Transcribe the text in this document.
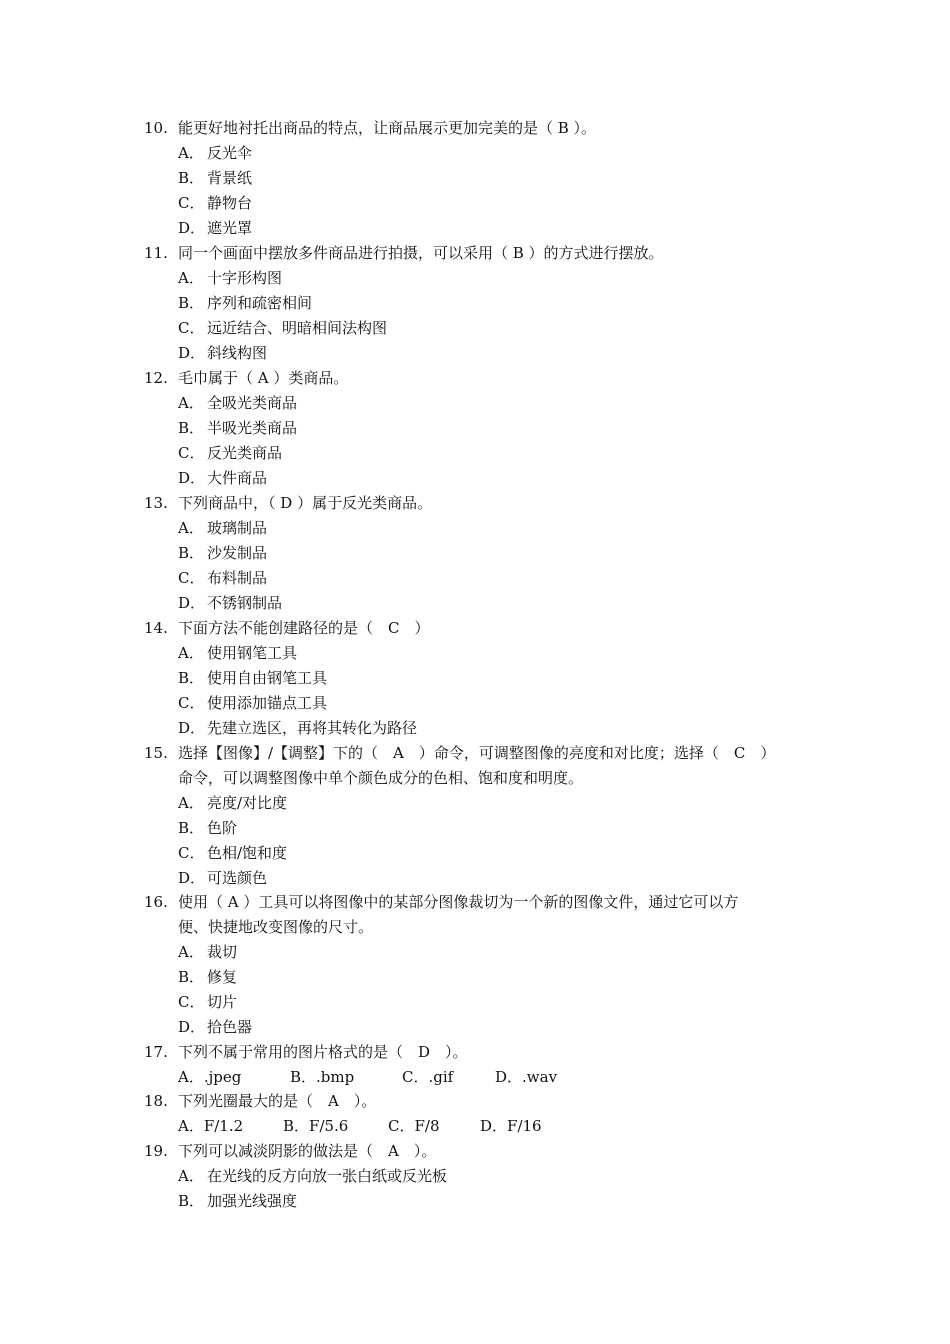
10. 能更好地衬托出商品的特点，让商品展示更加完美的是（ B ）。
A． 反光伞
B． 背景纸
C． 静物台
D． 遮光罩
11. 同一个画面中摆放多件商品进行拍摄，可以采用（ B ）的方式进行摆放。
A． 十字形构图
B． 序列和疏密相间
C． 远近结合、明暗相间法构图
D． 斜线构图
12. 毛巾属于（ A ）类商品。
A． 全吸光类商品
B． 半吸光类商品
C． 反光类商品
D． 大件商品
13. 下列商品中，（ D ）属于反光类商品。
A． 玻璃制品
B． 沙发制品
C． 布料制品
D． 不锈钢制品
14. 下面方法不能创建路径的是（　C　）
A． 使用钢笔工具
B． 使用自由钢笔工具
C． 使用添加锚点工具
D． 先建立选区，再将其转化为路径
15. 选择【图像】/【调整】下的（　A　）命令，可调整图像的亮度和对比度；选择（　C　）
命令，可以调整图像中单个颜色成分的色相、饱和度和明度。
A． 亮度/对比度
B． 色阶
C． 色相/饱和度
D． 可选颜色
16. 使用（ A ）工具可以将图像中的某部分图像裁切为一个新的图像文件，通过它可以方
便、快捷地改变图像的尺寸。
A． 裁切
B． 修复
C． 切片
D． 拾色器
17. 下列不属于常用的图片格式的是（　D　）。
A．.jpeg	B．.bmp	C．.gif	D．.wav
18. 下列光圈最大的是（　A　）。
A．F/1.2	B．F/5.6	C．F/8	D．F/16
19. 下列可以减淡阴影的做法是（　A　）。
A． 在光线的反方向放一张白纸或反光板
B． 加强光线强度
